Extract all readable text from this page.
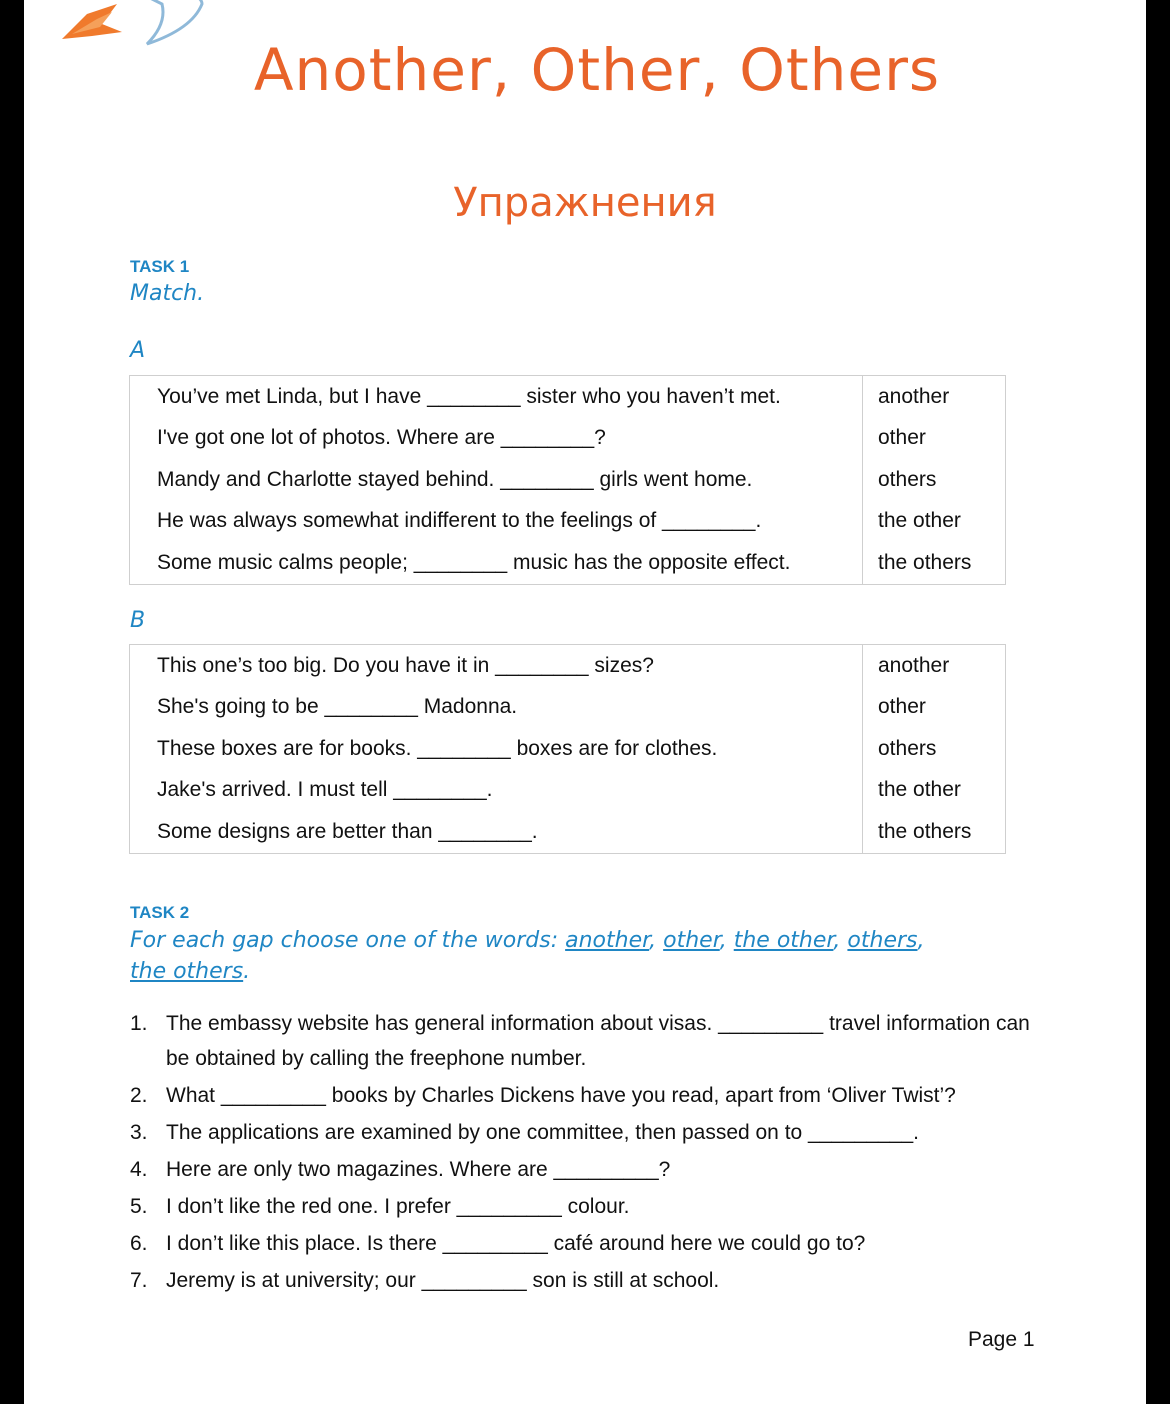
Another, Other, Others
Упражнения
TASK 1
Match.
A
You’ve met Linda, but I have ________ sister who you haven’t met.	another
I've got one lot of photos. Where are ________?	other
Mandy and Charlotte stayed behind. ________ girls went home.	others
He was always somewhat indifferent to the feelings of ________.	the other
Some music calms people; ________ music has the opposite effect.	the others
B
This one’s too big. Do you have it in ________ sizes?	another
She's going to be ________ Madonna.	other
These boxes are for books. ________ boxes are for clothes.	others
Jake's arrived. I must tell ________.	the other
Some designs are better than ________.	the others
TASK 2
For each gap choose one of the words: another, other, the other, others,
the others.
1. The embassy website has general information about visas. _________ travel information can be obtained by calling the freephone number.
2. What _________ books by Charles Dickens have you read, apart from ‘Oliver Twist’?
3. The applications are examined by one committee, then passed on to _________.
4. Here are only two magazines. Where are _________?
5. I don’t like the red one. I prefer _________ colour.
6. I don’t like this place. Is there _________ café around here we could go to?
7. Jeremy is at university; our _________ son is still at school.
Page 1
